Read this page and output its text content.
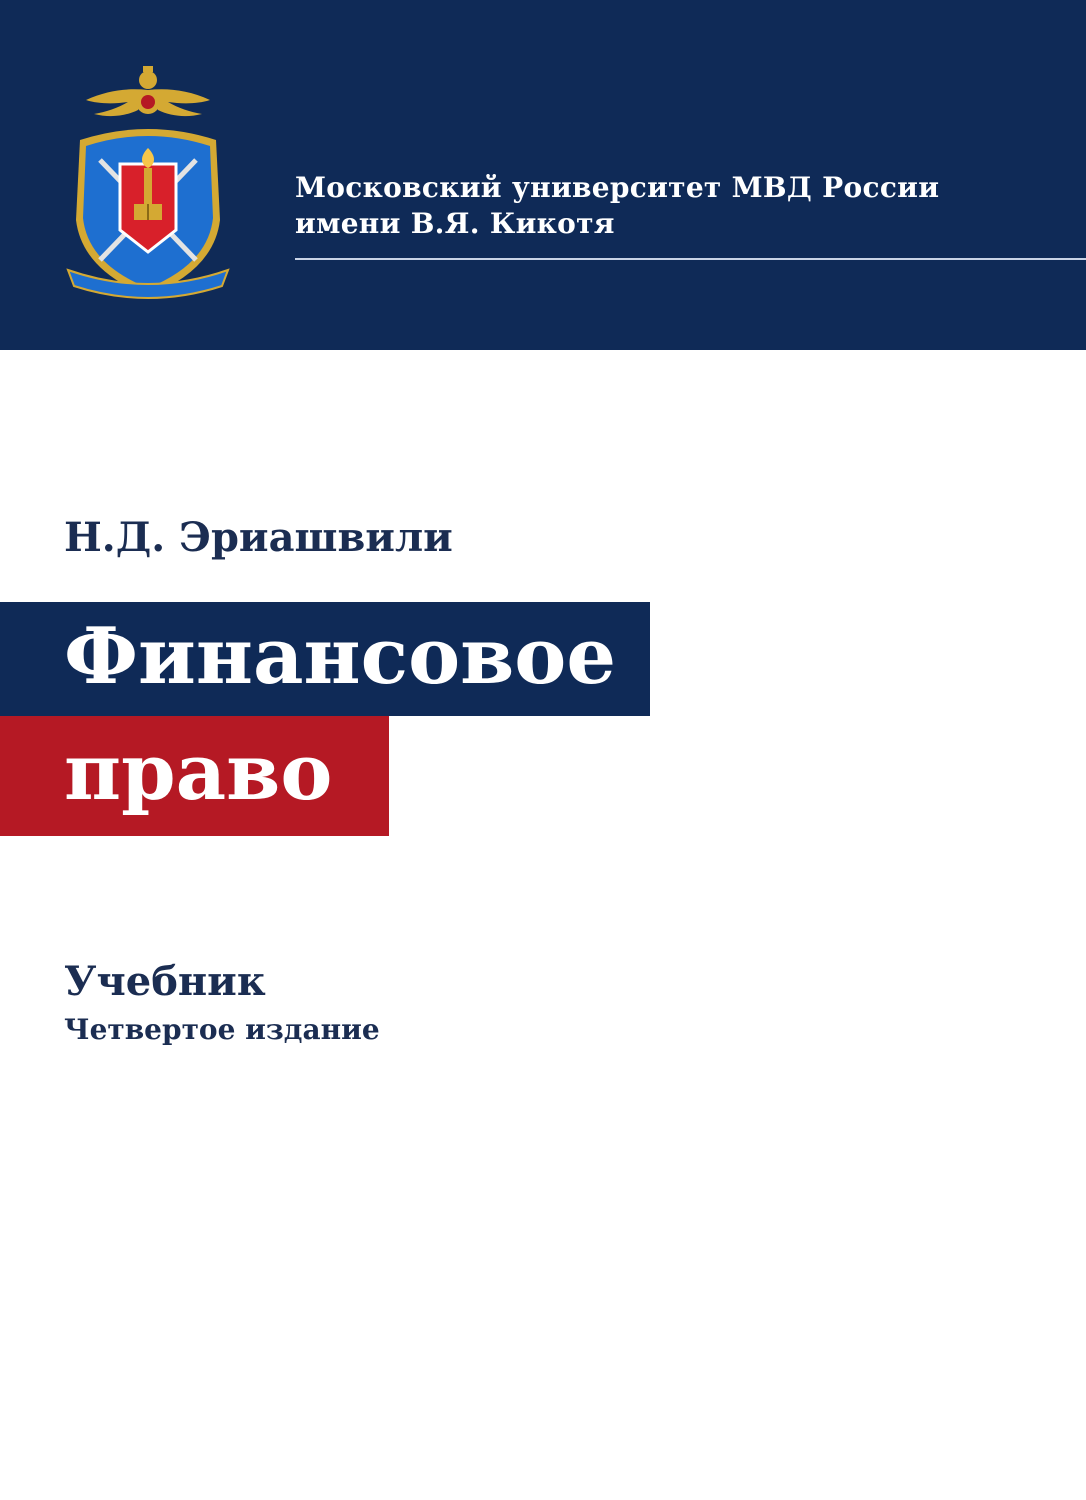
Московский университет МВД России
имени В.Я. Кикотя
Н.Д. Эриашвили
Финансовое
право
Учебник
Четвертое издание
